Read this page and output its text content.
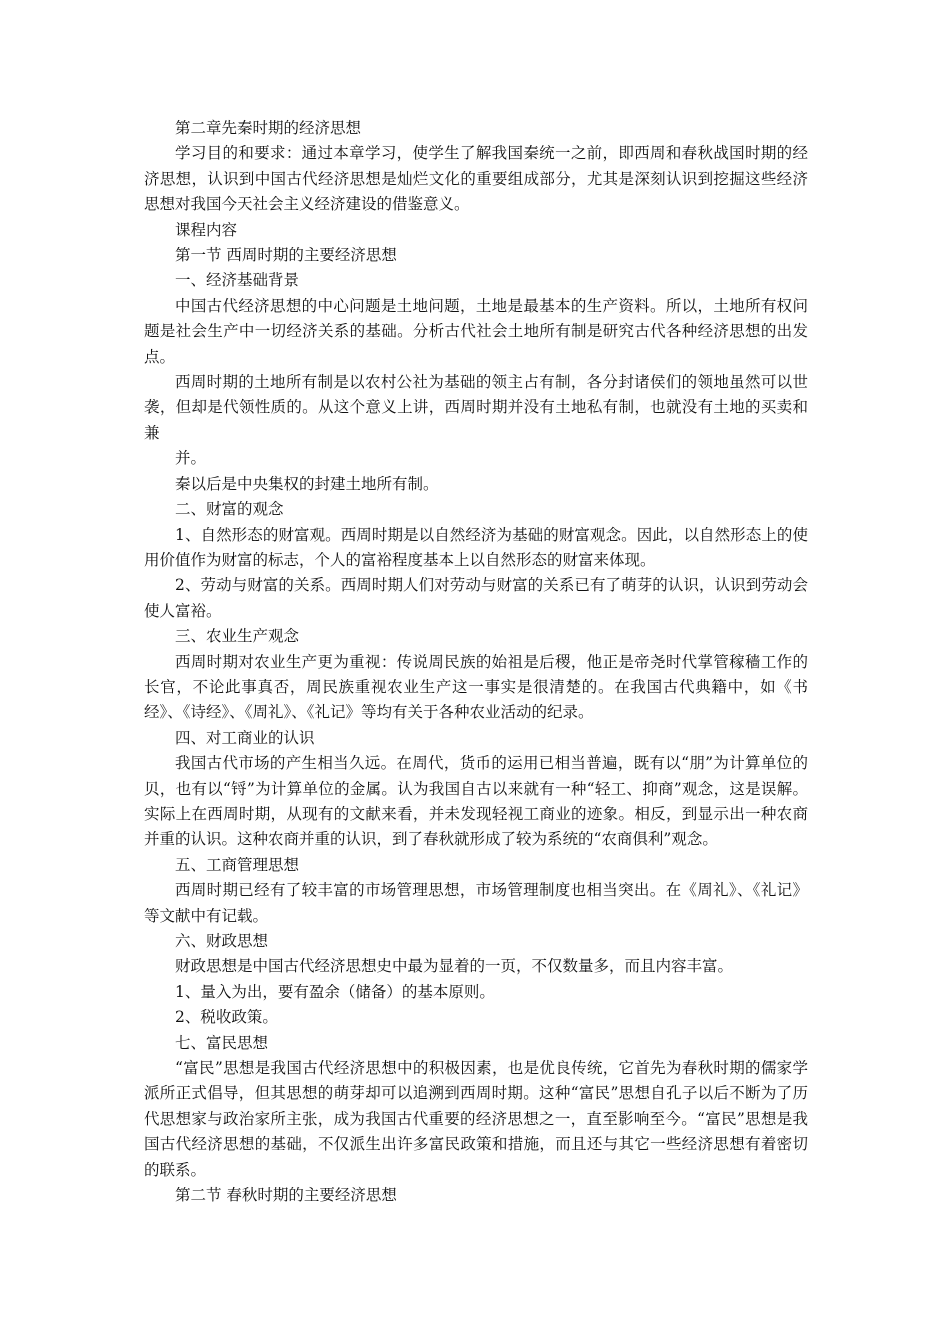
第二章先秦时期的经济思想

学习目的和要求：通过本章学习，使学生了解我国秦统一之前，即西周和春秋战国时期的经济思想，认识到中国古代经济思想是灿烂文化的重要组成部分，尤其是深刻认识到挖掘这些经济思想对我国今天社会主义经济建设的借鉴意义。

课程内容

第一节 西周时期的主要经济思想

一、经济基础背景

中国古代经济思想的中心问题是土地问题，土地是最基本的生产资料。所以，土地所有权问题是社会生产中一切经济关系的基础。分析古代社会土地所有制是研究古代各种经济思想的出发点。

西周时期的土地所有制是以农村公社为基础的领主占有制，各分封诸侯们的领地虽然可以世袭，但却是代领性质的。从这个意义上讲，西周时期并没有土地私有制，也就没有土地的买卖和兼

并。

秦以后是中央集权的封建土地所有制。

二、财富的观念

1、自然形态的财富观。西周时期是以自然经济为基础的财富观念。因此，以自然形态上的使用价值作为财富的标志，个人的富裕程度基本上以自然形态的财富来体现。

2、劳动与财富的关系。西周时期人们对劳动与财富的关系已有了萌芽的认识，认识到劳动会使人富裕。

三、农业生产观念

西周时期对农业生产更为重视：传说周民族的始祖是后稷，他正是帝尧时代掌管稼穑工作的长官，不论此事真否，周民族重视农业生产这一事实是很清楚的。在我国古代典籍中，如《书经》、《诗经》、《周礼》、《礼记》等均有关于各种农业活动的纪录。

四、对工商业的认识

我国古代市场的产生相当久远。在周代，货币的运用已相当普遍，既有以“朋”为计算单位的贝，也有以“锊”为计算单位的金属。认为我国自古以来就有一种“轻工、抑商”观念，这是误解。实际上在西周时期，从现有的文献来看，并未发现轻视工商业的迹象。相反，到显示出一种农商并重的认识。这种农商并重的认识，到了春秋就形成了较为系统的“农商俱利”观念。

五、工商管理思想

西周时期已经有了较丰富的市场管理思想，市场管理制度也相当突出。在《周礼》、《礼记》等文献中有记载。

六、财政思想

财政思想是中国古代经济思想史中最为显着的一页，不仅数量多，而且内容丰富。

1、量入为出，要有盈余（储备）的基本原则。

2、税收政策。

七、富民思想

“富民”思想是我国古代经济思想中的积极因素，也是优良传统，它首先为春秋时期的儒家学派所正式倡导，但其思想的萌芽却可以追溯到西周时期。这种“富民”思想自孔子以后不断为了历代思想家与政治家所主张，成为我国古代重要的经济思想之一，直至影响至今。“富民”思想是我国古代经济思想的基础，不仅派生出许多富民政策和措施，而且还与其它一些经济思想有着密切的联系。

第二节 春秋时期的主要经济思想
